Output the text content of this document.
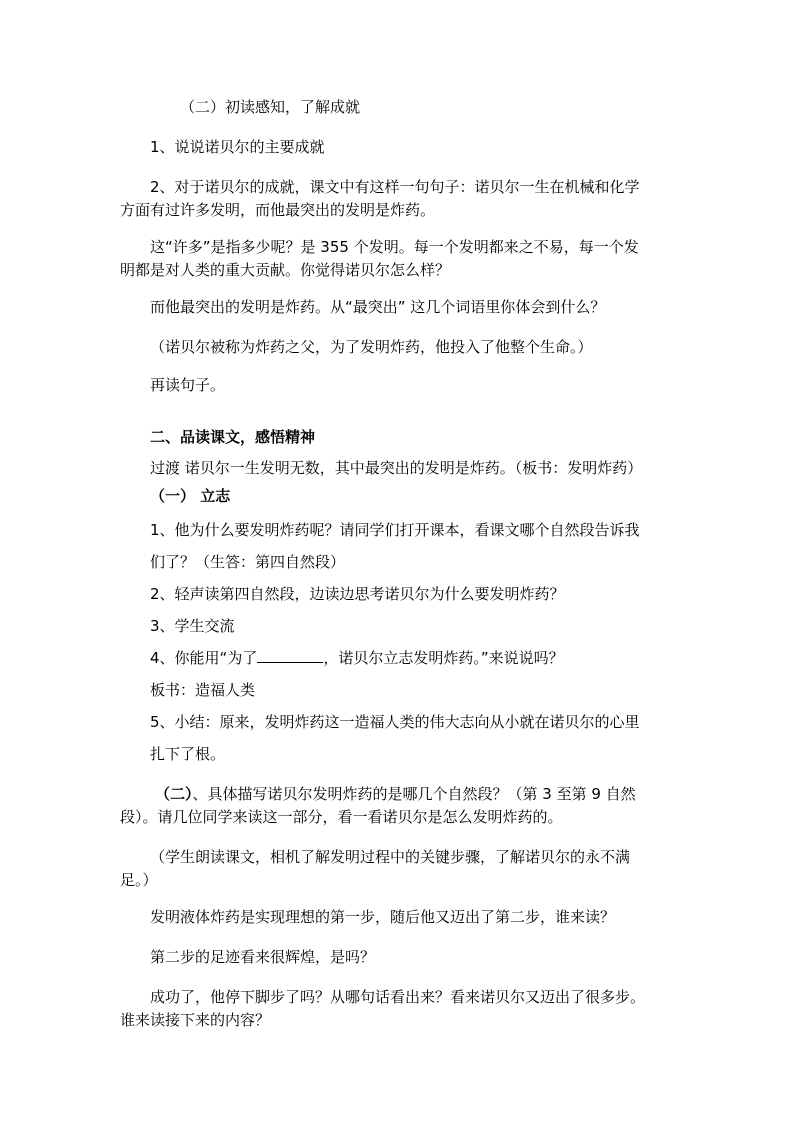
（二）初读感知，了解成就
1、说说诺贝尔的主要成就
2、对于诺贝尔的成就，课文中有这样一句句子：诺贝尔一生在机械和化学
方面有过许多发明，而他最突出的发明是炸药。
这“许多”是指多少呢？是 355 个发明。每一个发明都来之不易，每一个发
明都是对人类的重大贡献。你觉得诺贝尔怎么样？
而他最突出的发明是炸药。从“最突出” 这几个词语里你体会到什么？
（诺贝尔被称为炸药之父，为了发明炸药，他投入了他整个生命。）
再读句子。
二、品读课文，感悟精神
过渡 诺贝尔一生发明无数，其中最突出的发明是炸药。（板书：发明炸药）
（一） 立志
1、他为什么要发明炸药呢？请同学们打开课本，看课文哪个自然段告诉我
们了？（生答：第四自然段）
2、轻声读第四自然段，边读边思考诺贝尔为什么要发明炸药？
3、学生交流
4、你能用“为了	，诺贝尔立志发明炸药。”来说说吗？
板书：造福人类
5、小结：原来，发明炸药这一造福人类的伟大志向从小就在诺贝尔的心里
扎下了根。
（二）、具体描写诺贝尔发明炸药的是哪几个自然段？（第 3 至第 9 自然
段）。请几位同学来读这一部分，看一看诺贝尔是怎么发明炸药的。
（学生朗读课文，相机了解发明过程中的关键步骤，了解诺贝尔的永不满
足。）
发明液体炸药是实现理想的第一步，随后他又迈出了第二步，谁来读？
第二步的足迹看来很辉煌，是吗？
成功了，他停下脚步了吗？从哪句话看出来？看来诺贝尔又迈出了很多步。
谁来读接下来的内容？
